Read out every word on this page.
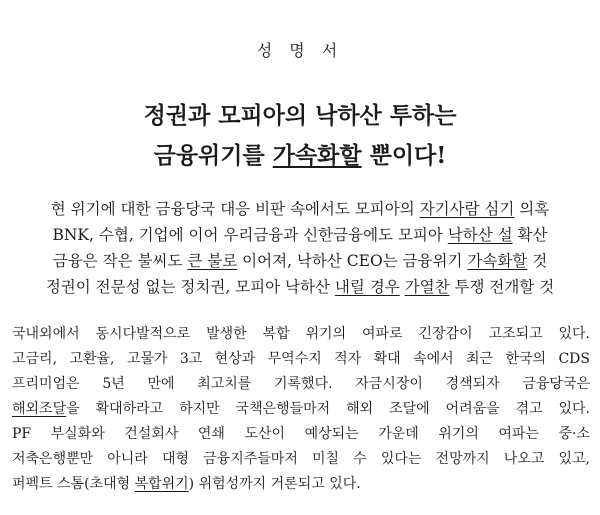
성 명 서
정권과 모피아의 낙하산 투하는
금융위기를 가속화할 뿐이다!
현 위기에 대한 금융당국 대응 비판 속에서도 모피아의 자기사람 심기 의혹
BNK, 수협, 기업에 이어 우리금융과 신한금융에도 모피아 낙하산 설 확산
금융은 작은 불씨도 큰 불로 이어져, 낙하산 CEO는 금융위기 가속화할 것
정권이 전문성 없는 정치권, 모피아 낙하산 내릴 경우 가열찬 투쟁 전개할 것
국내외에서 동시다발적으로 발생한 복합 위기의 여파로 긴장감이 고조되고 있다.
고금리, 고환율, 고물가 3고 현상과 무역수지 적자 확대 속에서 최근 한국의 CDS
프리미엄은 5년 만에 최고치를 기록했다. 자금시장이 경색되자 금융당국은
해외조달을 확대하라고 하지만 국책은행들마저 해외 조달에 어려움을 겪고 있다.
PF 부실화와 건설회사 연쇄 도산이 예상되는 가운데 위기의 여파는 중·소
저축은행뿐만 아니라 대형 금융지주들마저 미칠 수 있다는 전망까지 나오고 있고,
퍼펙트 스톰(초대형 복합위기) 위험성까지 거론되고 있다.
